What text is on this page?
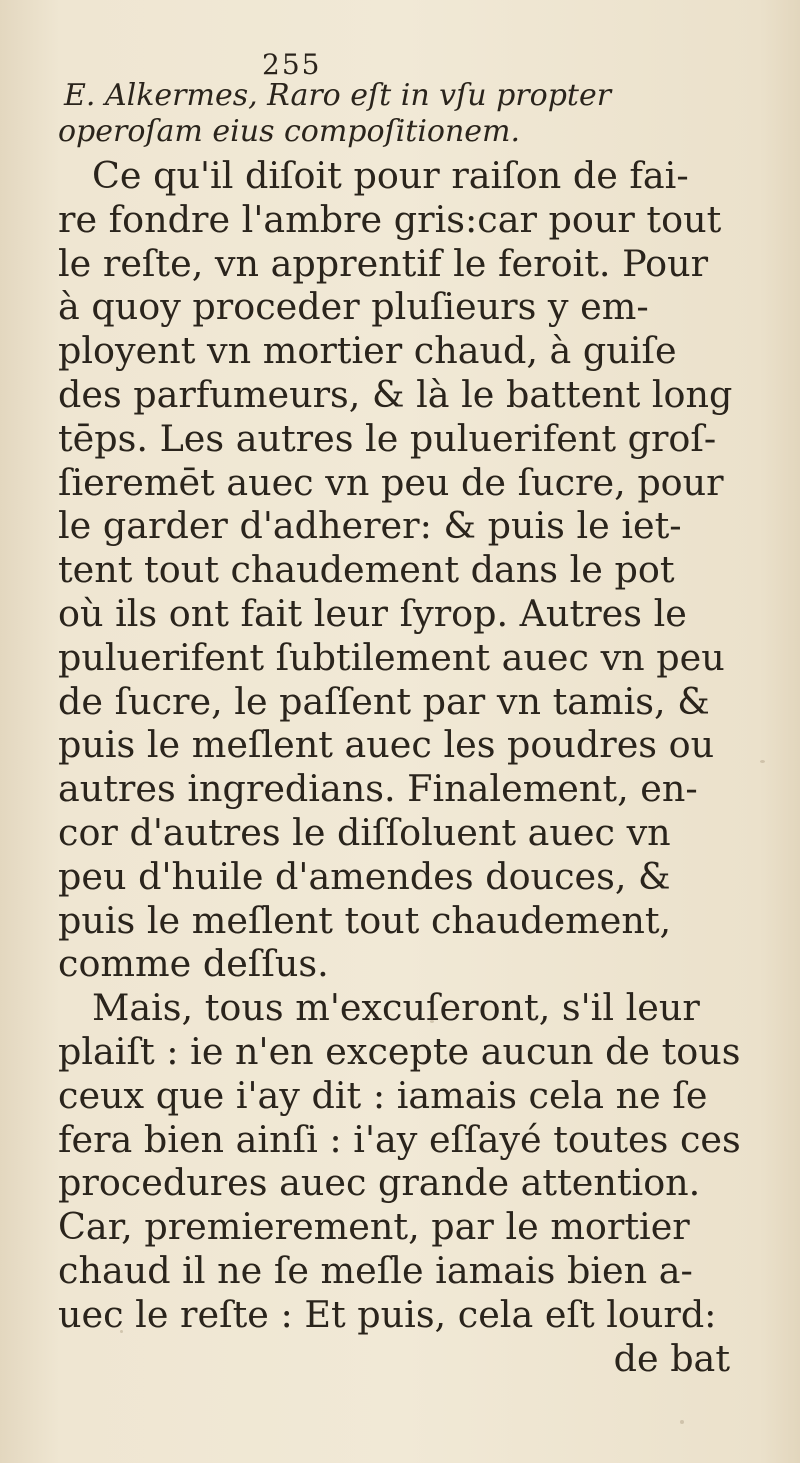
255
E. Alkermes, Raro eſt in vſu propter
operoſam eius compoſitionem.
Ce qu'il diſoit pour raiſon de fai-
re fondre l'ambre gris:car pour tout
le reſte, vn apprentif le feroit. Pour
à quoy proceder pluſieurs y em-
ployent vn mortier chaud, à guiſe
des parfumeurs, & là le battent long
tēps. Les autres le puluerifent groſ-
ſieremēt auec vn peu de ſucre, pour
le garder d'adherer: & puis le iet-
tent tout chaudement dans le pot
où ils ont fait leur ſyrop. Autres le
puluerifent ſubtilement auec vn peu
de ſucre, le paſſent par vn tamis, &
puis le meſlent auec les poudres ou
autres ingredians. Finalement, en-
cor d'autres le diſſoluent auec vn
peu d'huile d'amendes douces, &
puis le meſlent tout chaudement,
comme deſſus.
Mais, tous m'excuſeront, s'il leur
plaiſt : ie n'en excepte aucun de tous
ceux que i'ay dit : iamais cela ne ſe
fera bien ainſi : i'ay eſſayé toutes ces
procedures auec grande attention.
Car, premierement, par le mortier
chaud il ne ſe meſle iamais bien a-
uec le reſte : Et puis, cela eſt lourd:
de bat
